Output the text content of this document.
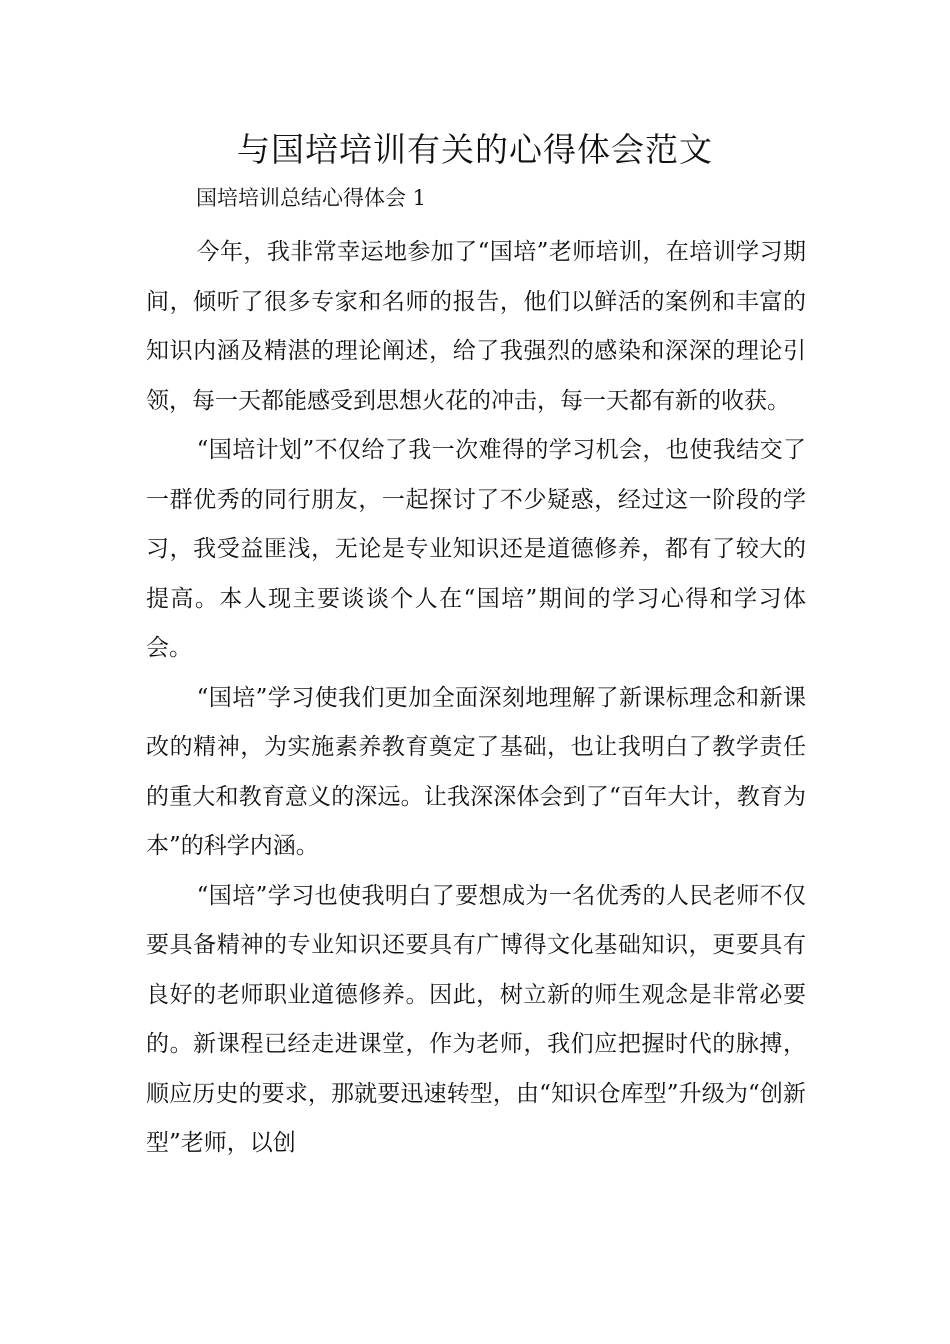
与国培培训有关的心得体会范文
国培培训总结心得体会 1

今年，我非常幸运地参加了“国培”老师培训，在培训学习期间，倾听了很多专家和名师的报告，他们以鲜活的案例和丰富的知识内涵及精湛的理论阐述，给了我强烈的感染和深深的理论引领，每一天都能感受到思想火花的冲击，每一天都有新的收获。

“国培计划”不仅给了我一次难得的学习机会，也使我结交了一群优秀的同行朋友，一起探讨了不少疑惑，经过这一阶段的学习，我受益匪浅，无论是专业知识还是道德修养，都有了较大的提高。本人现主要谈谈个人在“国培”期间的学习心得和学习体会。

“国培”学习使我们更加全面深刻地理解了新课标理念和新课改的精神，为实施素养教育奠定了基础，也让我明白了教学责任的重大和教育意义的深远。让我深深体会到了“百年大计，教育为本”的科学内涵。

“国培”学习也使我明白了要想成为一名优秀的人民老师不仅要具备精神的专业知识还要具有广博得文化基础知识，更要具有良好的老师职业道德修养。因此，树立新的师生观念是非常必要的。新课程已经走进课堂，作为老师，我们应把握时代的脉搏，顺应历史的要求，那就要迅速转型，由“知识仓库型”升级为“创新型”老师，以创
